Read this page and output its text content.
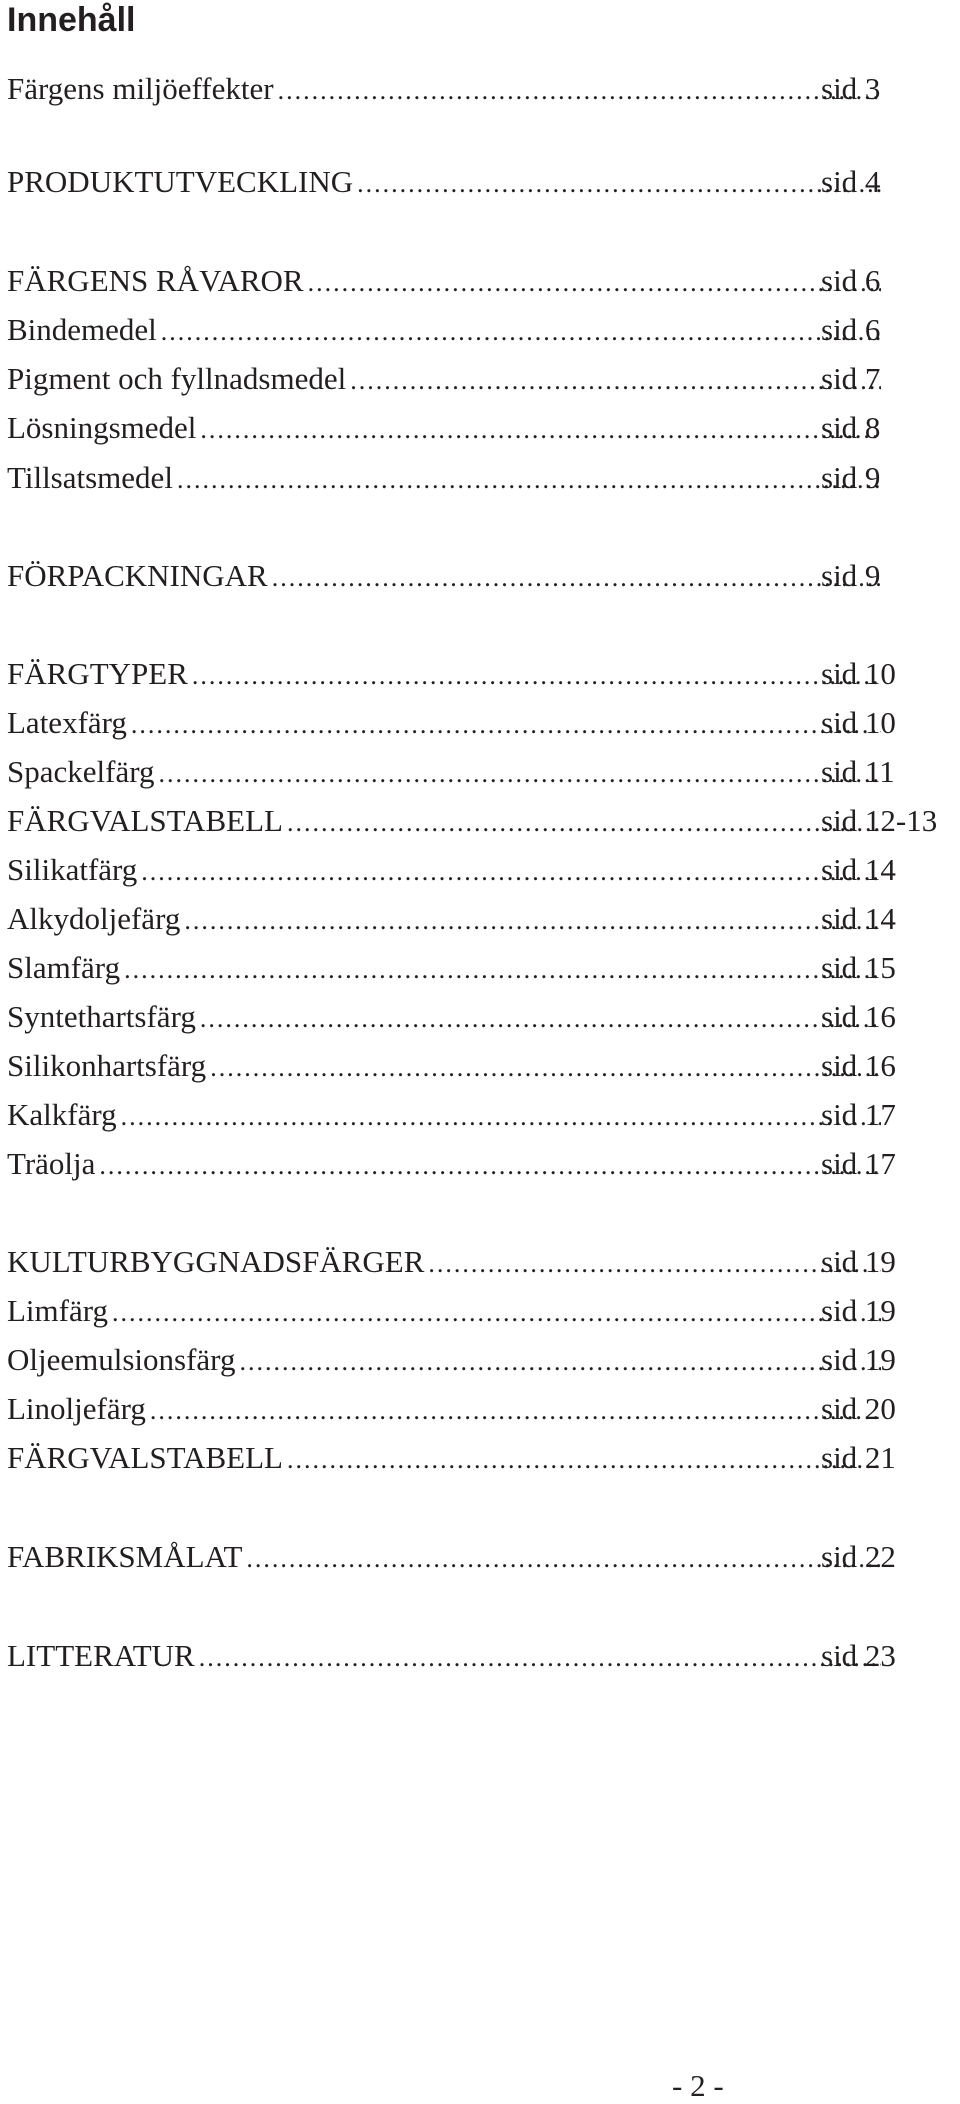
Innehåll
Färgens miljöeffekter .....	sid 3
PRODUKTUTVECKLING .....	sid 4
FÄRGENS RÅVAROR .....	sid 6
Bindemedel .....	sid 6
Pigment och fyllnadsmedel .....	sid 7
Lösningsmedel .....	sid 8
Tillsatsmedel .....	sid 9
FÖRPACKNINGAR .....	sid 9
FÄRGTYPER .....	sid 10
Latexfärg .....	sid 10
Spackelfärg .....	sid 11
FÄRGVALSTABELL .....	sid 12-13
Silikatfärg .....	sid 14
Alkydoljefärg .....	sid 14
Slamfärg .....	sid 15
Syntethartsfärg .....	sid 16
Silikonhartsfärg .....	sid 16
Kalkfärg .....	sid 17
Träolja .....	sid 17
KULTURBYGGNADSFÄRGER .....	sid 19
Limfärg .....	sid 19
Oljeemulsionsfärg .....	sid 19
Linoljefärg .....	sid 20
FÄRGVALSTABELL .....	sid 21
FABRIKSMÅLAT .....	sid 22
LITTERATUR .....	sid 23
- 2 -
